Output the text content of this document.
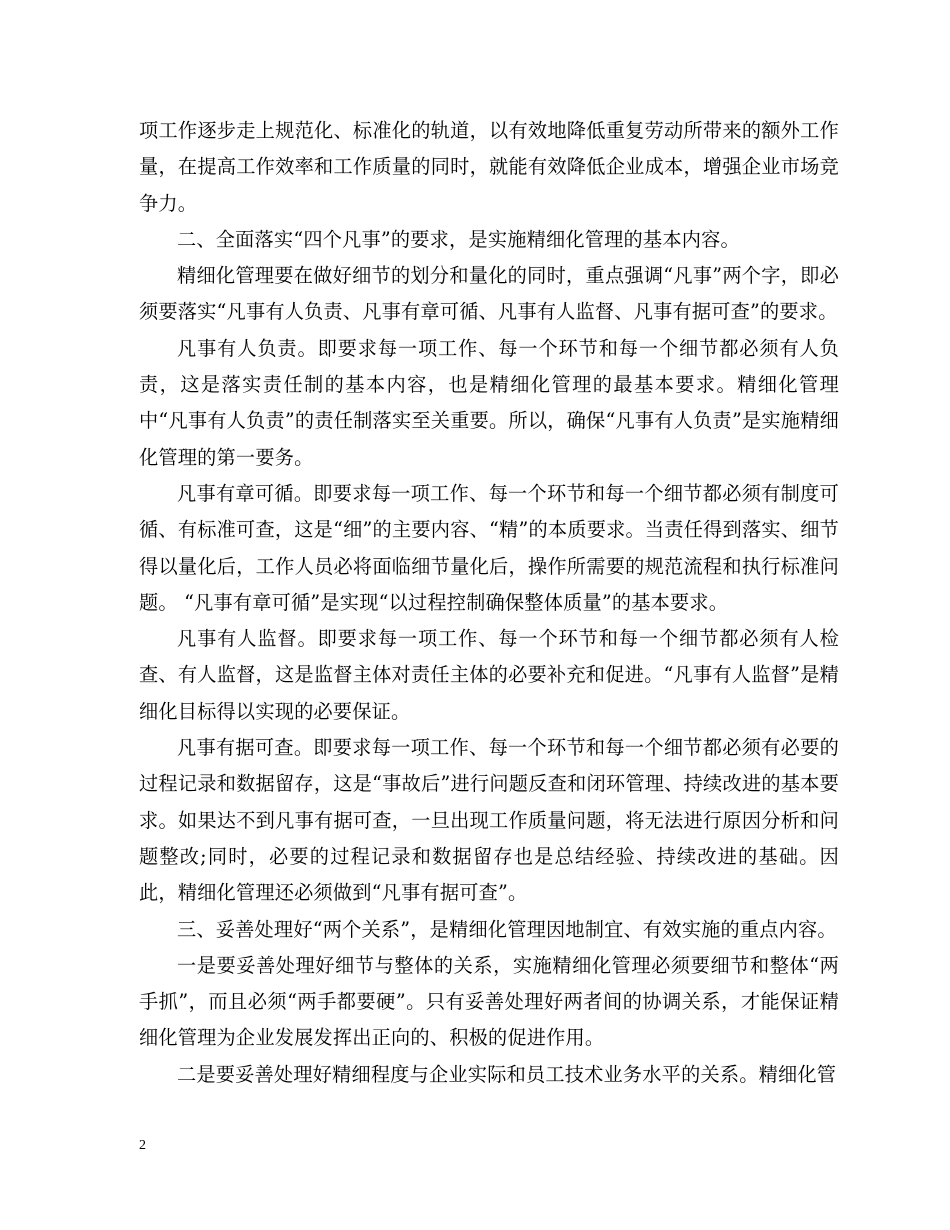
项工作逐步走上规范化、标准化的轨道，以有效地降低重复劳动所带来的额外工作量，在提高工作效率和工作质量的同时，就能有效降低企业成本，增强企业市场竞争力。

二、全面落实“四个凡事”的要求，是实施精细化管理的基本内容。

精细化管理要在做好细节的划分和量化的同时，重点强调“凡事”两个字，即必须要落实“凡事有人负责、凡事有章可循、凡事有人监督、凡事有据可查”的要求。

凡事有人负责。即要求每一项工作、每一个环节和每一个细节都必须有人负责，这是落实责任制的基本内容，也是精细化管理的最基本要求。精细化管理中“凡事有人负责”的责任制落实至关重要。所以，确保“凡事有人负责”是实施精细化管理的第一要务。

凡事有章可循。即要求每一项工作、每一个环节和每一个细节都必须有制度可循、有标准可查，这是“细”的主要内容、“精”的本质要求。当责任得到落实、细节得以量化后，工作人员必将面临细节量化后，操作所需要的规范流程和执行标准问题。 “凡事有章可循”是实现“以过程控制确保整体质量”的基本要求。

凡事有人监督。即要求每一项工作、每一个环节和每一个细节都必须有人检查、有人监督，这是监督主体对责任主体的必要补充和促进。“凡事有人监督”是精细化目标得以实现的必要保证。

凡事有据可查。即要求每一项工作、每一个环节和每一个细节都必须有必要的过程记录和数据留存，这是“事故后”进行问题反查和闭环管理、持续改进的基本要求。如果达不到凡事有据可查，一旦出现工作质量问题，将无法进行原因分析和问题整改;同时，必要的过程记录和数据留存也是总结经验、持续改进的基础。因此，精细化管理还必须做到“凡事有据可查”。

三、妥善处理好“两个关系”，是精细化管理因地制宜、有效实施的重点内容。

一是要妥善处理好细节与整体的关系，实施精细化管理必须要细节和整体“两手抓”，而且必须“两手都要硬”。只有妥善处理好两者间的协调关系，才能保证精细化管理为企业发展发挥出正向的、积极的促进作用。

二是要妥善处理好精细程度与企业实际和员工技术业务水平的关系。精细化管

2
